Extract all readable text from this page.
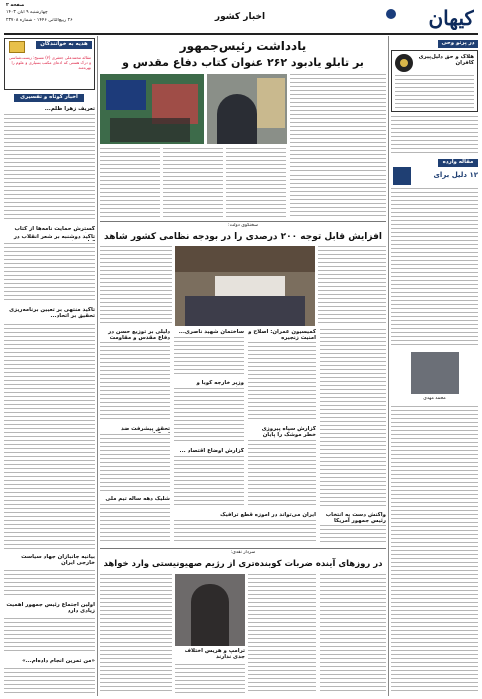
کیهان
اخبار کشور
چهارشنبه ۹ آبان ۱۴۰۳
۲۶ ربیع‌الثانی ۱۴۴۶ - شماره ۲۳۷۰۸
صفحه ۲
در پرتو وحی
هلاک و حق دلیل‌پیری کافران
مقاله وارده
۱۲ دلیل برای
محمد مهدی
هدیه به خوانندگان
مقاله محمدعلی جعفری (۳) مسیح: زیست‌شناسی و درک هستی که ادعای مکتب بسیاری و علوم را بهره‌مند
اخبار کوتاه و تفسیری
تعریف زهرا ظلم...
گسترش حمایت نامه‌ها از کتاب
تأکید دوشنبه بر شعر انقلاب در
تأکید منتهی بر تعیین برنامه‌ریزی تحقیق بر اتحاد...
بیانیه جانبازان جهاد سیاست خارجی ایران
اولین اجتماع رئیس جمهور اهمیت زیادی دارد
«من تمرین انجام داده‌ام...»
یادداشت رئیس‌جمهور
بر تابلو یادبود ۲۶۲ عنوان کتاب دفاع مقدس و
سخنگوی دولت:
افزایش قابل توجه ۲۰۰ درصدی را در بودجه نظامی کشور شاهد
دلیلی بر توزیع حسن در دفاع مقدس و مقاومت
ساختمان شهید ناصری...
وزیر خارجه کوبا و
کمیسیون عمران: اصلاح و امنیت زنجیره
تحقق پیشرفت ضد
گزارش اوضاع اقتصاد ...
گزارش سپاه پیروزی خطر موشک را پایان
شلیک دهه ساله تیم ملی
ایران می‌تواند در آموزه قطع ترافیک	واکنش دست به انتخاب رئیس جمهور آمریکا
سردار نقدی:
در روزهای آینده ضربات کوبنده‌تری از رژیم صهیونیستی وارد خواهد
ترامپ و هریس اختلاف جدی ندارند
